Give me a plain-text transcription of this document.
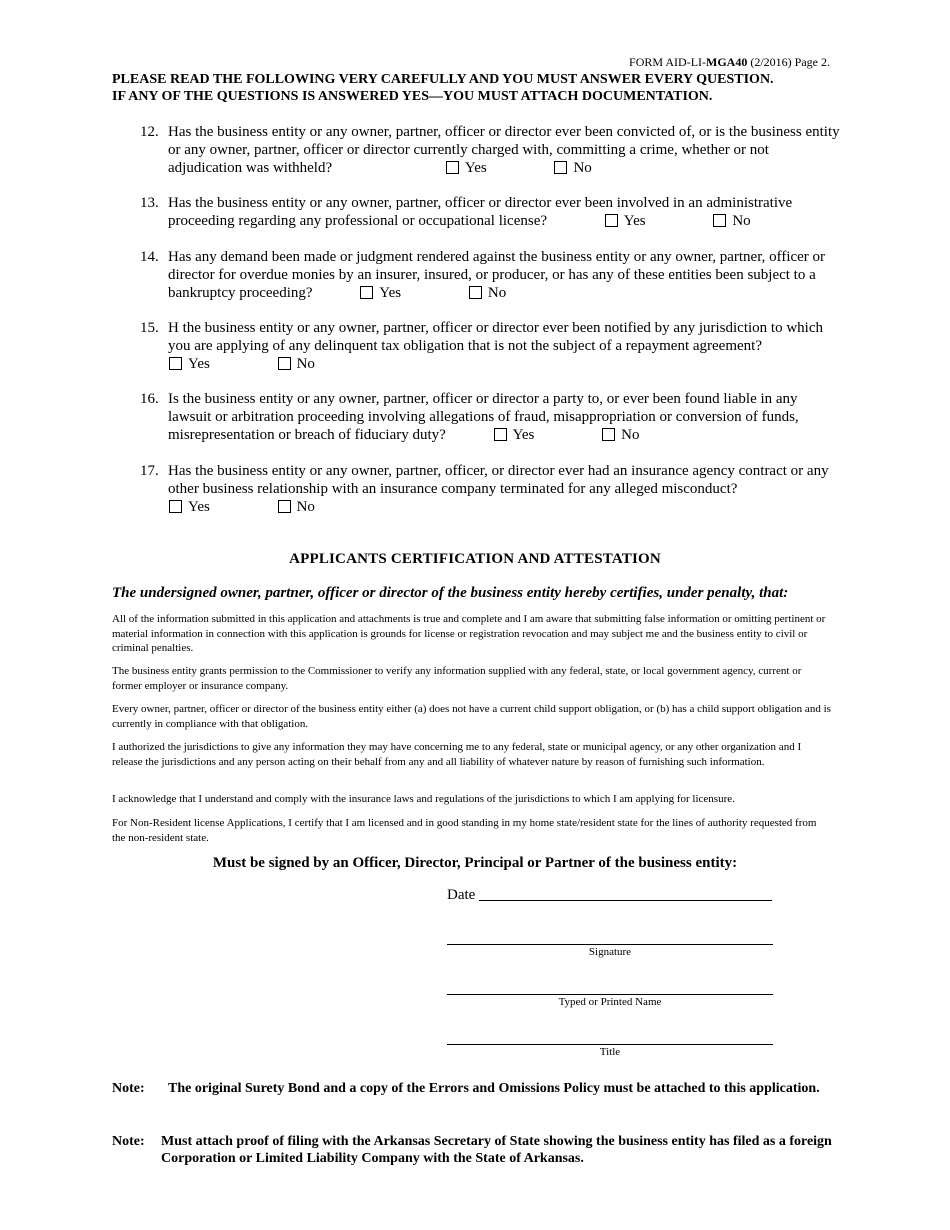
FORM AID-LI-MGA40 (2/2016) Page 2.
PLEASE READ THE FOLLOWING VERY CAREFULLY AND YOU MUST ANSWER EVERY QUESTION.
IF ANY OF THE QUESTIONS IS ANSWERED YES—YOU MUST ATTACH DOCUMENTATION.
12. Has the business entity or any owner, partner, officer or director ever been convicted of, or is the business entity or any owner, partner, officer or director currently charged with, committing a crime, whether or not adjudication was withheld?	Yes	No
13. Has the business entity or any owner, partner, officer or director ever been involved in an administrative proceeding regarding any professional or occupational license?	Yes	No
14. Has any demand been made or judgment rendered against the business entity or any owner, partner, officer or director for overdue monies by an insurer, insured, or producer, or has any of these entities been subject to a bankruptcy proceeding?	Yes	No
15. H the business entity or any owner, partner, officer or director ever been notified by any jurisdiction to which you are applying of any delinquent tax obligation that is not the subject of a repayment agreement?
Yes	No
16. Is the business entity or any owner, partner, officer or director a party to, or ever been found liable in any lawsuit or arbitration proceeding involving allegations of fraud, misappropriation or conversion of funds, misrepresentation or breach of fiduciary duty?	Yes	No
17. Has the business entity or any owner, partner, officer, or director ever had an insurance agency contract or any other business relationship with an insurance company terminated for any alleged misconduct?
Yes	No
APPLICANTS CERTIFICATION AND ATTESTATION
The undersigned owner, partner, officer or director of the business entity hereby certifies, under penalty, that:
All of the information submitted in this application and attachments is true and complete and I am aware that submitting false information or omitting pertinent or material information in connection with this application is grounds for license or registration revocation and may subject me and the business entity to civil or criminal penalties.
The business entity grants permission to the Commissioner to verify any information supplied with any federal, state, or local government agency, current or former employer or insurance company.
Every owner, partner, officer or director of the business entity either (a) does not have a current child support obligation, or (b) has a child support obligation and is currently in compliance with that obligation.
I authorized the jurisdictions to give any information they may have concerning me to any federal, state or municipal agency, or any other organization and I release the jurisdictions and any person acting on their behalf from any and all liability of whatever nature by reason of furnishing such information.
I acknowledge that I understand and comply with the insurance laws and regulations of the jurisdictions to which I am applying for licensure.
For Non-Resident license Applications, I certify that I am licensed and in good standing in my home state/resident state for the lines of authority requested from the non-resident state.
Must be signed by an Officer, Director, Principal or Partner of the business entity:
Date
Signature
Typed or Printed Name
Title
Note: The original Surety Bond and a copy of the Errors and Omissions Policy must be attached to this application.
Note: Must attach proof of filing with the Arkansas Secretary of State showing the business entity has filed as a foreign Corporation or Limited Liability Company with the State of Arkansas.
